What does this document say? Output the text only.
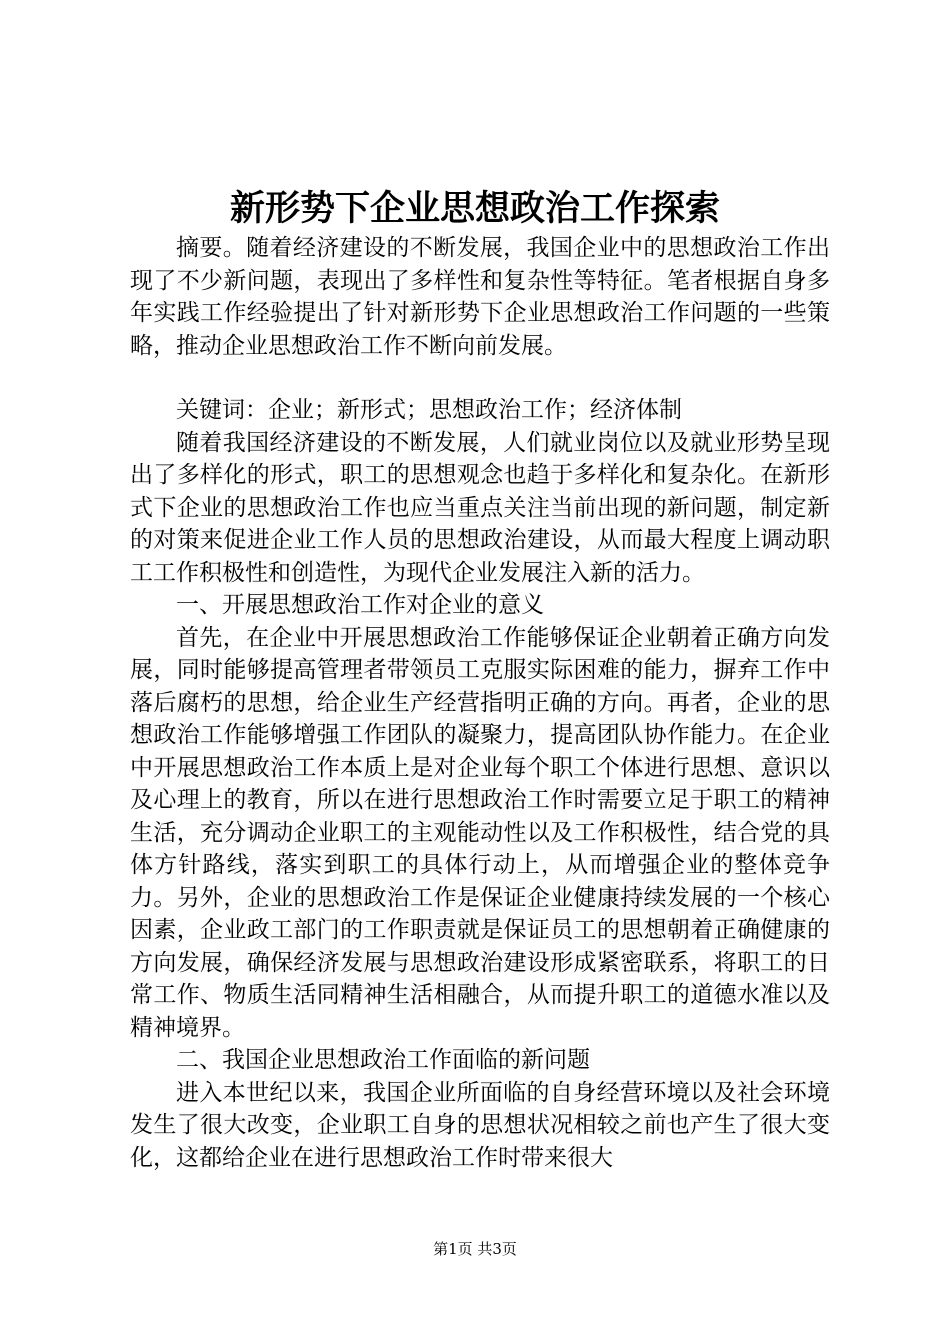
新形势下企业思想政治工作探索

摘要。随着经济建设的不断发展，我国企业中的思想政治工作出现了不少新问题，表现出了多样性和复杂性等特征。笔者根据自身多年实践工作经验提出了针对新形势下企业思想政治工作问题的一些策略，推动企业思想政治工作不断向前发展。

关键词：企业；新形式；思想政治工作；经济体制

随着我国经济建设的不断发展，人们就业岗位以及就业形势呈现出了多样化的形式，职工的思想观念也趋于多样化和复杂化。在新形式下企业的思想政治工作也应当重点关注当前出现的新问题，制定新的对策来促进企业工作人员的思想政治建设，从而最大程度上调动职工工作积极性和创造性，为现代企业发展注入新的活力。

一、开展思想政治工作对企业的意义

首先，在企业中开展思想政治工作能够保证企业朝着正确方向发展，同时能够提高管理者带领员工克服实际困难的能力，摒弃工作中落后腐朽的思想，给企业生产经营指明正确的方向。再者，企业的思想政治工作能够增强工作团队的凝聚力，提高团队协作能力。在企业中开展思想政治工作本质上是对企业每个职工个体进行思想、意识以及心理上的教育，所以在进行思想政治工作时需要立足于职工的精神生活，充分调动企业职工的主观能动性以及工作积极性，结合党的具体方针路线，落实到职工的具体行动上，从而增强企业的整体竞争力。另外，企业的思想政治工作是保证企业健康持续发展的一个核心因素，企业政工部门的工作职责就是保证员工的思想朝着正确健康的方向发展，确保经济发展与思想政治建设形成紧密联系，将职工的日常工作、物质生活同精神生活相融合，从而提升职工的道德水准以及精神境界。

二、我国企业思想政治工作面临的新问题

进入本世纪以来，我国企业所面临的自身经营环境以及社会环境发生了很大改变，企业职工自身的思想状况相较之前也产生了很大变化，这都给企业在进行思想政治工作时带来很大

第1页 共3页
